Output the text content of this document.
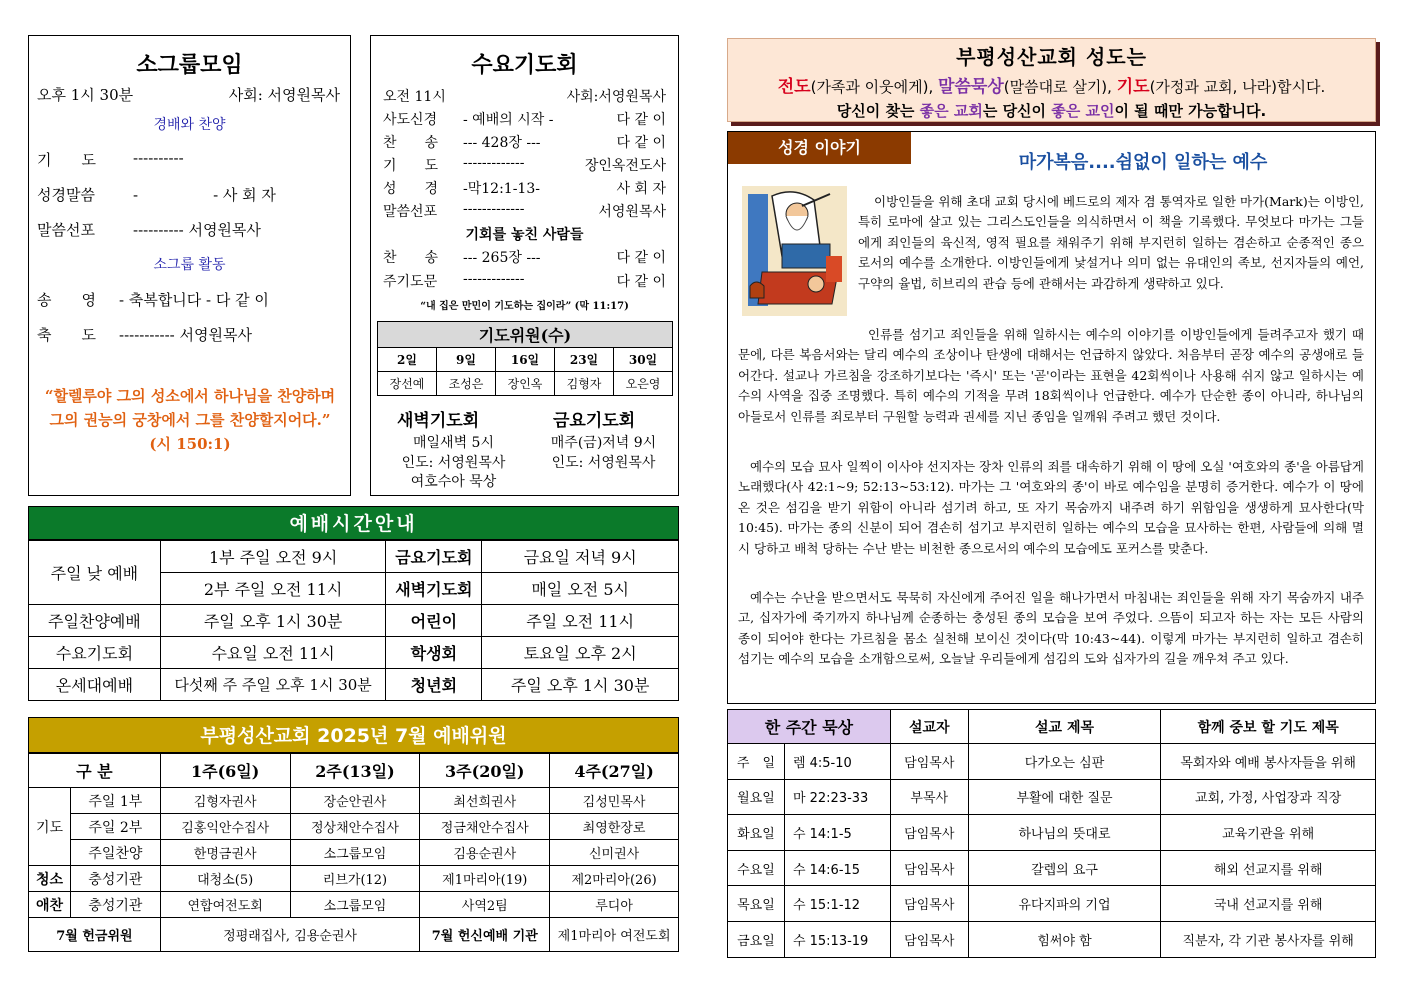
소그룹모임
오후 1시 30분	사회: 서영원목사
경배와 찬양
기　　도 ----------
성경말씀	-　　　　　- 사 회 자
말씀선포	---------- 서영원목사
소그룹 활동
송　　영 - 축복합니다 - 다 같 이
축　　도 ----------- 서영원목사
“할렐루야 그의 성소에서 하나님을 찬양하며 그의 권능의 궁창에서 그를 찬양할지어다.” (시 150:1)
수요기도회
오전 11시	사회:서영원목사
사도신경 - 예배의 시작 -	다 같 이
찬　　송 --- 428장 ---	다 같 이
기　　도 -------------	장인옥전도사
성　　경 -막12:1-13-	사 회 자
말씀선포 -------------	서영원목사
기회를 놓친 사람들
찬　　송 --- 265장 ---	다 같 이
주기도문 -------------	다 같 이
“내 집은 만민이 기도하는 집이라” (막 11:17)
기도위원(수)				
2일	9일	16일	23일	30일
장선예	조성은	장인옥	김형자	오은영
새벽기도회
매일새벽 5시
인도: 서영원목사
여호수아 묵상
금요기도회
매주(금)저녁 9시
인도: 서영원목사
예배시간안내
주일 낮 예배	1부 주일 오전 9시	금요기도회	금요일 저녁 9시
	2부 주일 오전 11시	새벽기도회	매일 오전 5시
주일찬양예배	주일 오후 1시 30분	어린이	주일 오전 11시
수요기도회	수요일 오전 11시	학생회	토요일 오후 2시
온세대예배	다섯째 주 주일 오후 1시 30분	청년회	주일 오후 1시 30분
부평성산교회 2025년 7월 예배위원
구 분		1주(6일)	2주(13일)	3주(20일)	4주(27일)
기도	주일 1부	김형자권사	장순안권사	최선희권사	김성민목사
	주일 2부	김홍익안수집사	정상채안수집사	정금채안수집사	최영한장로
	주일찬양	한명금권사	소그룹모임	김용순권사	신미권사
청소	충성기관	대청소(5)	리브가(12)	제1마리아(19)	제2마리아(26)
애찬	충성기관	연합여전도회	소그룹모임	사역2팀	루디아
7월 헌금위원		정평래집사, 김용순권사		7월 헌신예배 기관	제1마리아 여전도회
부평성산교회 성도는
전도(가족과 이웃에게), 말씀묵상(말씀대로 살기), 기도(가정과 교회, 나라)합시다.
당신이 찾는 좋은 교회는 당신이 좋은 교인이 될 때만 가능합니다.
성경 이야기
마가복음....쉼없이 일하는 예수
이방인들을 위해 초대 교회 당시에 베드로의 제자 겸 통역자로 일한 마가(Mark)는 이방인, 특히 로마에 살고 있는 그리스도인들을 의식하면서 이 책을 기록했다. 무엇보다 마가는 그들에게 죄인들의 육신적, 영적 필요를 채워주기 위해 부지런히 일하는 겸손하고 순종적인 종으로서의 예수를 소개한다. 이방인들에게 낯설거나 의미 없는 유대인의 족보, 선지자들의 예언, 구약의 율법, 히브리의 관습 등에 관해서는 과감하게 생략하고 있다.
인류를 섬기고 죄인들을 위해 일하시는 예수의 이야기를 이방인들에게 들려주고자 했기 때문에, 다른 복음서와는 달리 예수의 조상이나 탄생에 대해서는 언급하지 않았다. 처음부터 곧장 예수의 공생애로 들어간다. 설교나 가르침을 강조하기보다는 '즉시' 또는 '곧'이라는 표현을 42회씩이나 사용해 쉬지 않고 일하시는 예수의 사역을 집중 조명했다. 특히 예수의 기적을 무려 18회씩이나 언급한다. 예수가 단순한 종이 아니라, 하나님의 아들로서 인류를 죄로부터 구원할 능력과 권세를 지닌 종임을 일깨워 주려고 했던 것이다.
예수의 모습 묘사 일찍이 이사야 선지자는 장차 인류의 죄를 대속하기 위해 이 땅에 오실 '여호와의 종'을 아름답게 노래했다(사 42:1~9; 52:13~53:12). 마가는 그 '여호와의 종'이 바로 예수임을 분명히 증거한다. 예수가 이 땅에 온 것은 섬김을 받기 위함이 아니라 섬기려 하고, 또 자기 목숨까지 내주려 하기 위함임을 생생하게 묘사한다(막 10:45). 마가는 종의 신분이 되어 겸손히 섬기고 부지런히 일하는 예수의 모습을 묘사하는 한편, 사람들에 의해 멸시 당하고 배척 당하는 수난 받는 비천한 종으로서의 예수의 모습에도 포커스를 맞춘다.
예수는 수난을 받으면서도 묵묵히 자신에게 주어진 일을 해나가면서 마침내는 죄인들을 위해 자기 목숨까지 내주고, 십자가에 죽기까지 하나님께 순종하는 충성된 종의 모습을 보여 주었다. 으뜸이 되고자 하는 자는 모든 사람의 종이 되어야 한다는 가르침을 몸소 실천해 보이신 것이다(막 10:43~44). 이렇게 마가는 부지런히 일하고 겸손히 섬기는 예수의 모습을 소개함으로써, 오늘날 우리들에게 섬김의 도와 십자가의 길을 깨우쳐 주고 있다.
한 주간 묵상		설교자	설교 제목	함께 중보 할 기도 제목
주　일	렘 4:5-10	담임목사	다가오는 심판	목회자와 예배 봉사자들을 위해
월요일	마 22:23-33	부목사	부활에 대한 질문	교회, 가정, 사업장과 직장
화요일	수 14:1-5	담임목사	하나님의 뜻대로	교육기관을 위해
수요일	수 14:6-15	담임목사	갈렙의 요구	해외 선교지를 위해
목요일	수 15:1-12	담임목사	유다지파의 기업	국내 선교지를 위해
금요일	수 15:13-19	담임목사	힘써야 함	직분자, 각 기관 봉사자를 위해
